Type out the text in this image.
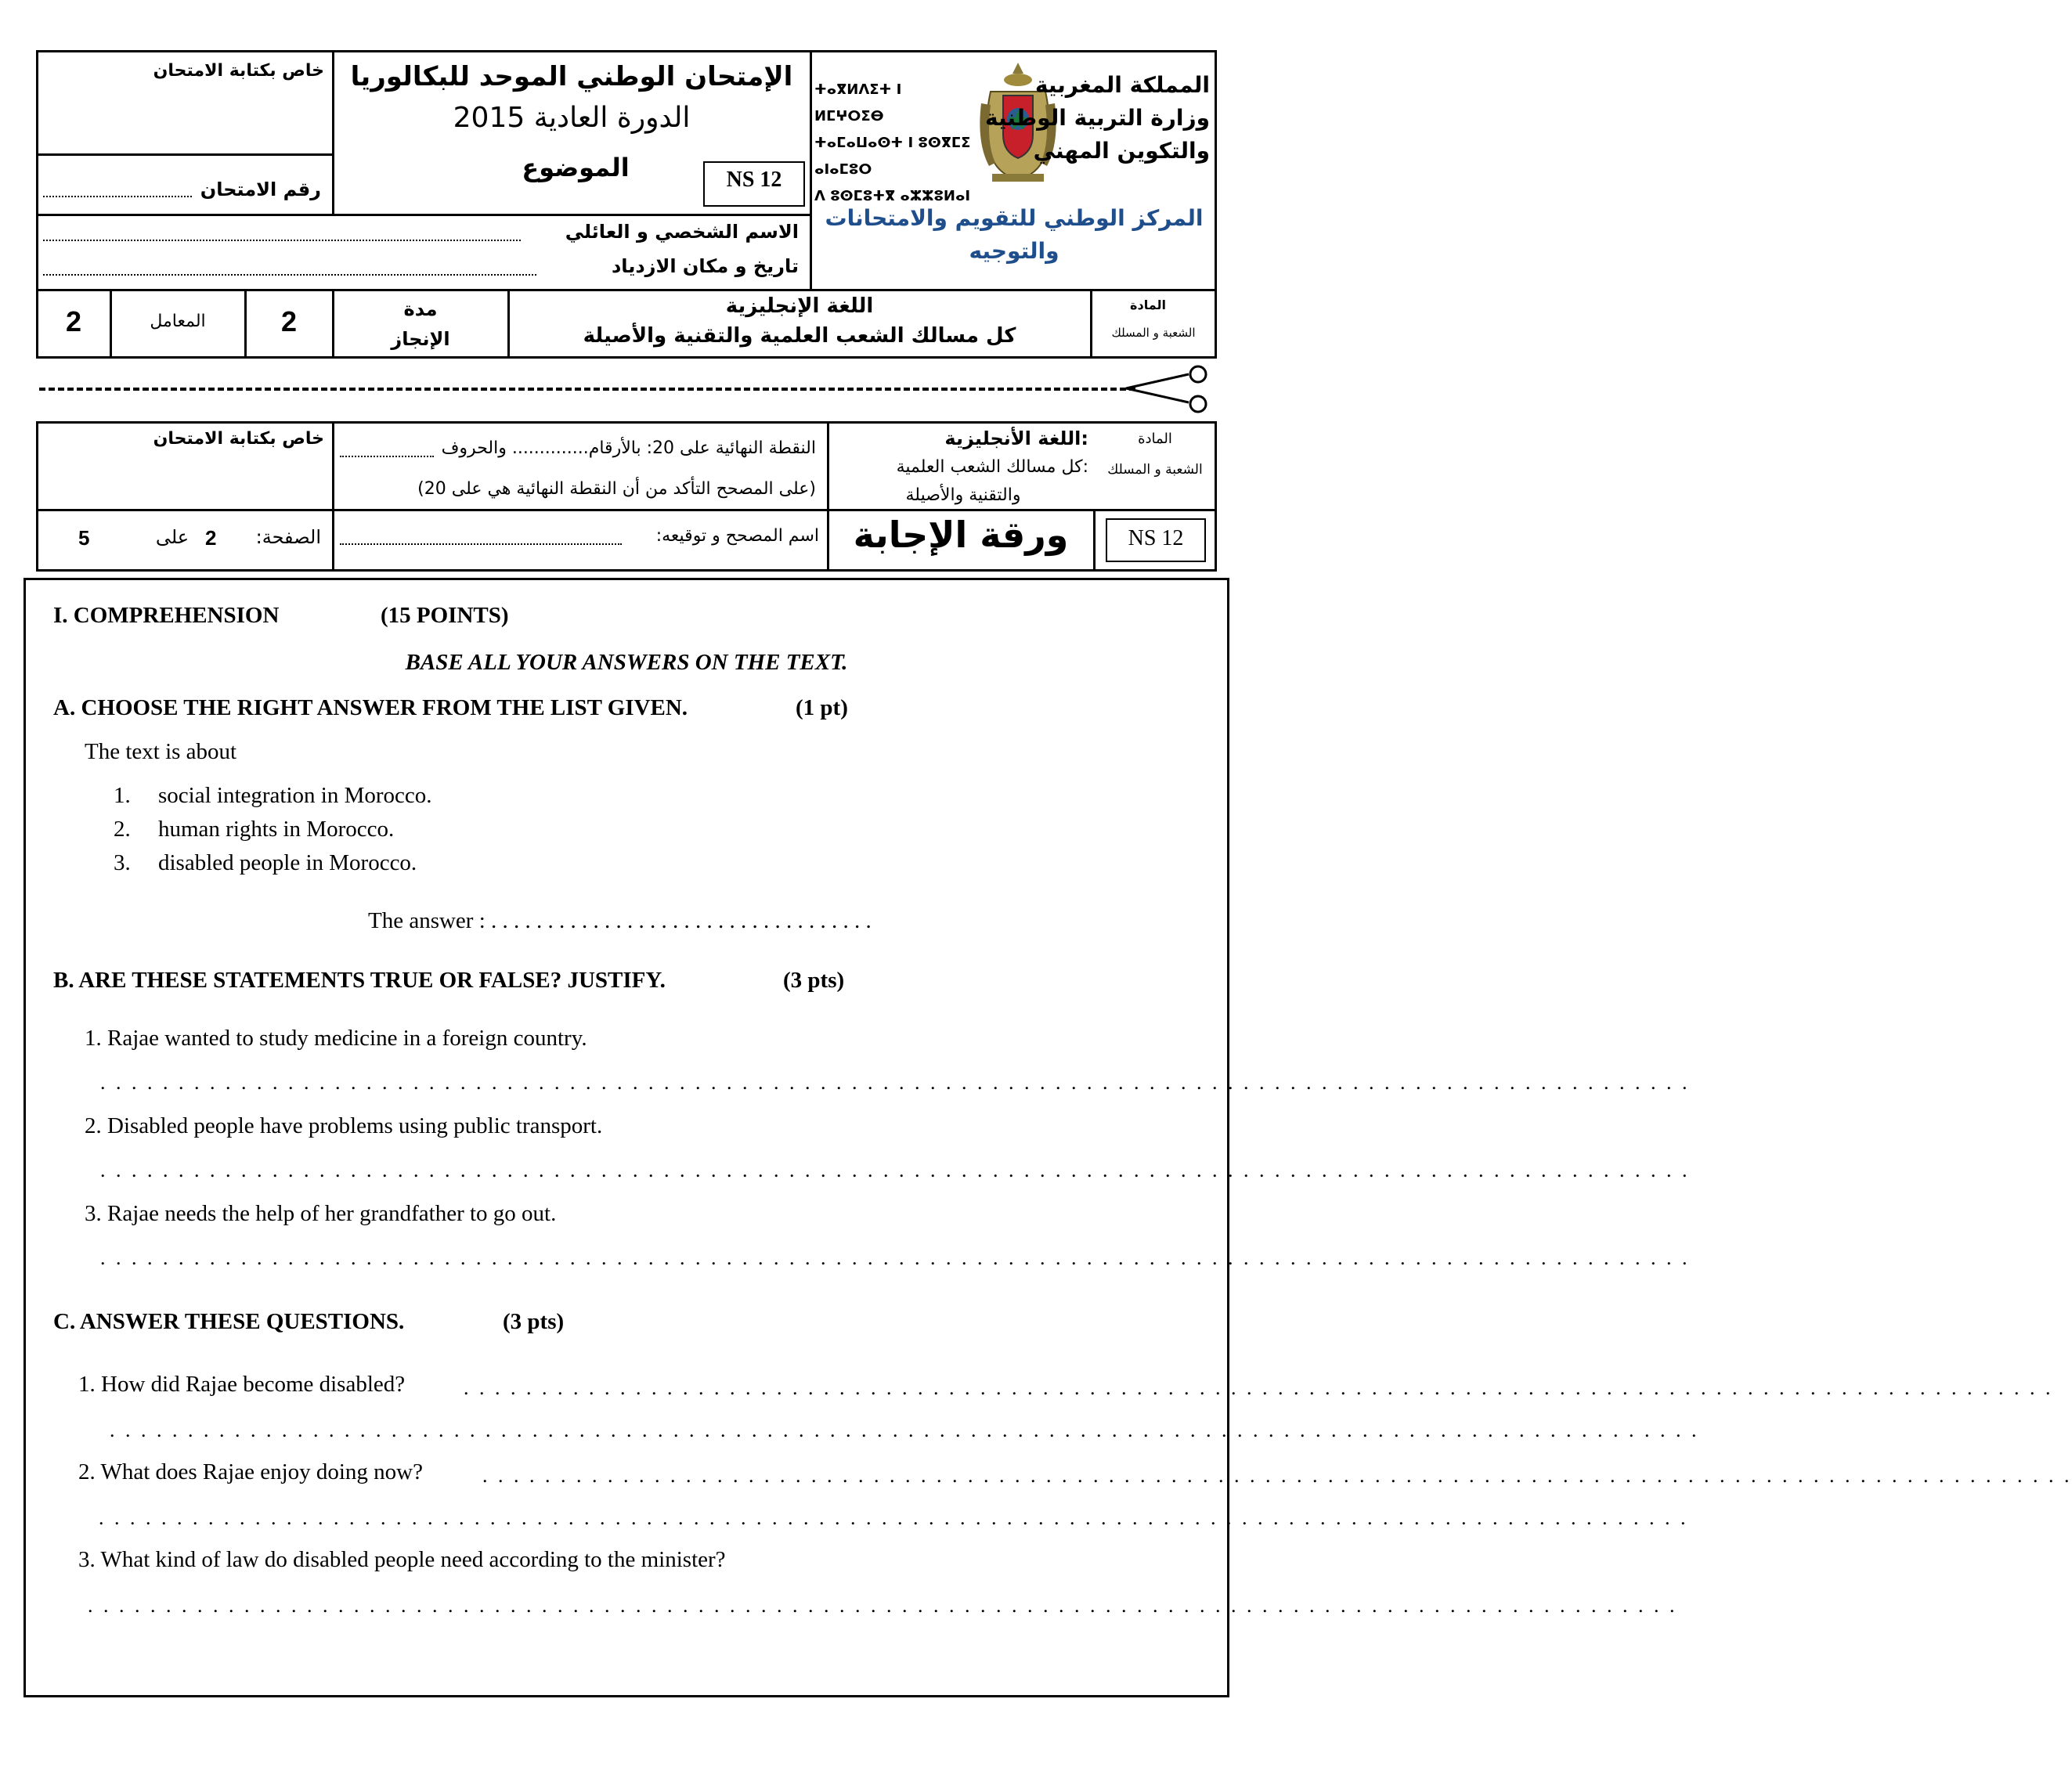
خاص بكتابة الامتحان
رقم الامتحان
الإمتحان الوطني الموحد للبكالوريا
الدورة العادية 2015
الموضوع	NS 12
الاسم الشخصي و العائلي
تاريخ و مكان الازدياد
ⵜⴰⴳⵍⴷⵉⵜ ⵏ ⵍⵎⵖⵔⵉⴱ
ⵜⴰⵎⴰⵡⴰⵙⵜ ⵏ ⵓⵙⴳⵎⵉ ⴰⵏⴰⵎⵓⵔ
ⴷ ⵓⵙⵎⵓⵜⴳ ⴰⵣⵣⵓⵍⴰⵏ
المملكة المغربية
وزارة التربية الوطنية
والتكوين المهني
المركز الوطني للتقويم والامتحانات
والتوجيه
2	المعامل	2	مدة
الإنجاز
اللغة الإنجليزية
كل مسالك الشعب العلمية والتقنية والأصيلة
المادة
الشعبة و المسلك
خاص بكتابة الامتحان	النقطة النهائية على 20: بالأرقام.............. والحروف
(على المصحح التأكد من أن النقطة النهائية هي على 20)
5	على 2	الصفحة:	اسم المصحح و توقيعه:
المادة
:اللغة الأنجليزية
الشعبة و المسلك
:كل مسالك الشعب العلمية
والتقنية والأصيلة
ورقة الإجابة	NS 12
I. COMPREHENSION	(15 POINTS)
BASE ALL YOUR ANSWERS ON THE TEXT.
A. CHOOSE THE RIGHT ANSWER FROM THE LIST GIVEN.	(1 pt)
The text is about
1. social integration in Morocco.
2. human rights in Morocco.
3. disabled people in Morocco.
The answer : . . . . . . . . . . . . . . . . . . . . . . . . . . . . . . . . . .
B. ARE THESE STATEMENTS TRUE OR FALSE? JUSTIFY.	(3 pts)
1. Rajae wanted to study medicine in a foreign country.
. . . . . . . . . . . . . . . . . . . . . . . . . . . . . . . . . . . . . . . . . . . . . . . . . . . . . . . . . . . . . . . . . . . . . . . . . . . . . . . . . . . . . . . . . . . . . . . . . . . . . .
2. Disabled people have problems using public transport.
. . . . . . . . . . . . . . . . . . . . . . . . . . . . . . . . . . . . . . . . . . . . . . . . . . . . . . . . . . . . . . . . . . . . . . . . . . . . . . . . . . . . . . . . . . . . . . . . . . . . . .
3. Rajae needs the help of her grandfather to go out.
. . . . . . . . . . . . . . . . . . . . . . . . . . . . . . . . . . . . . . . . . . . . . . . . . . . . . . . . . . . . . . . . . . . . . . . . . . . . . . . . . . . . . . . . . . . . . . . . . . . . . .
C. ANSWER THESE QUESTIONS.	(3 pts)
1. How did Rajae become disabled?	. . . . . . . . . . . . . . . . . . . . . . . . . . . . . . . . . . . . . . . . . . . . . . . . . . . . . . . . . . . . . . . . . . . . . . . . . . . . . . . . . . . . . . . . . . . . . . . . . . . . . .
. . . . . . . . . . . . . . . . . . . . . . . . . . . . . . . . . . . . . . . . . . . . . . . . . . . . . . . . . . . . . . . . . . . . . . . . . . . . . . . . . . . . . . . . . . . . . . . . . . . . . .
2. What does Rajae enjoy doing now?	. . . . . . . . . . . . . . . . . . . . . . . . . . . . . . . . . . . . . . . . . . . . . . . . . . . . . . . . . . . . . . . . . . . . . . . . . . . . . . . . . . . . . . . . . . . . . . . . . . . . . .
. . . . . . . . . . . . . . . . . . . . . . . . . . . . . . . . . . . . . . . . . . . . . . . . . . . . . . . . . . . . . . . . . . . . . . . . . . . . . . . . . . . . . . . . . . . . . . . . . . . . . .
3. What kind of law do disabled people need according to the minister?
. . . . . . . . . . . . . . . . . . . . . . . . . . . . . . . . . . . . . . . . . . . . . . . . . . . . . . . . . . . . . . . . . . . . . . . . . . . . . . . . . . . . . . . . . . . . . . . . . . . . . .
